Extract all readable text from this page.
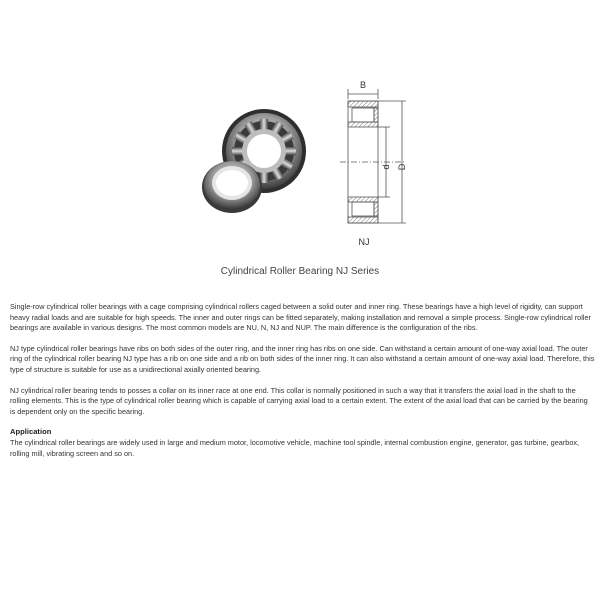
B
d D
NJ
Cylindrical Roller Bearing NJ Series

Single-row cylindrical roller bearings with a cage comprising cylindrical rollers caged between a solid outer and inner ring. These bearings have a high level of rigidity, can support heavy radial loads and are suitable for high speeds. The inner and outer rings can be fitted separately, making installation and removal a simple process. Single-row cylindrical roller bearings are available in various designs. The most common models are NU, N, NJ and NUP. The main difference is the configuration of the ribs.

NJ type cylindrical roller bearings have ribs on both sides of the outer ring, and the inner ring has ribs on one side. Can withstand a certain amount of one-way axial load. The outer ring of the cylindrical roller bearing NJ type has a rib on one side and a rib on both sides of the inner ring. It can also withstand a certain amount of one-way axial load. Therefore, this type of structure is suitable for use as a unidirectional axially oriented bearing.

NJ cylindrical roller bearing tends to posses a collar on its inner race at one end. This collar is normally positioned in such a way that it transfers the axial load in the shaft to the rolling elements. This is the type of cylindrical roller bearing which is capable of carrying axial load to a certain extent. The extent of the axial load that can be carried by the bearing is dependent only on the specific bearing.

Application

The cylindrical roller bearings are widely used in large and medium motor, locomotive vehicle, machine tool spindle, internal combustion engine, generator, gas turbine, gearbox, rolling mill, vibrating screen and so on.
